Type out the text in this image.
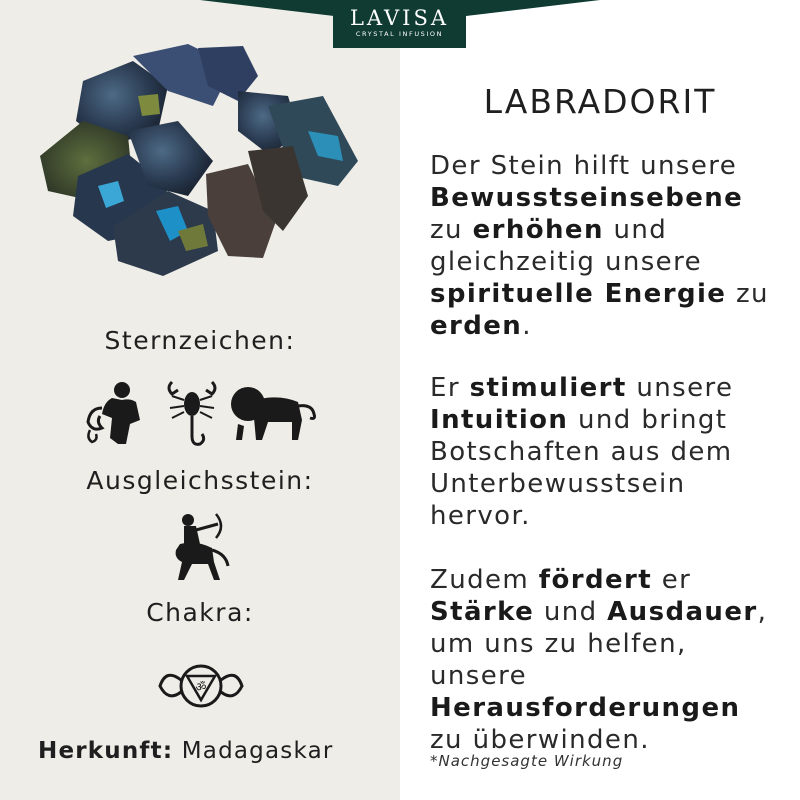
LAVISA
CRYSTAL INFUSION
Sternzeichen:
Ausgleichsstein:
Chakra:
ॐ
Herkunft: Madagaskar
LABRADORIT
Der Stein hilft unsere
Bewusstseinsebene
zu erhöhen und
gleichzeitig unsere
spirituelle Energie zu
erden.
Er stimuliert unsere
Intuition und bringt
Botschaften aus dem
Unterbewusstsein
hervor.
Zudem fördert er
Stärke und Ausdauer,
um uns zu helfen,
unsere
Herausforderungen
zu überwinden.
*Nachgesagte Wirkung
